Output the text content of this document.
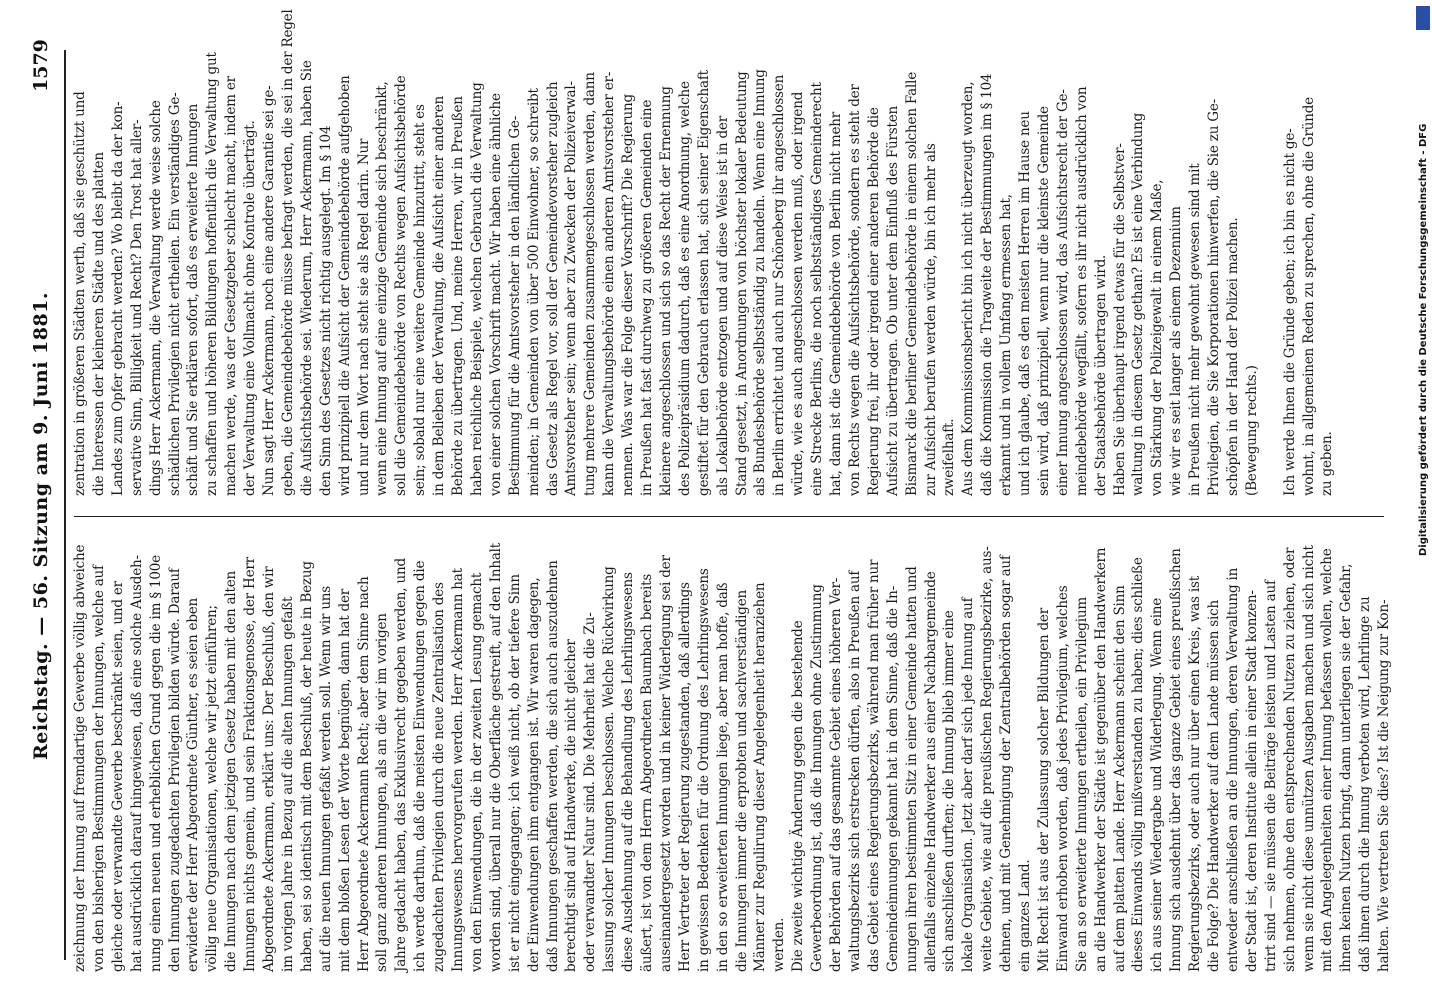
Reichstag. — 56. Sitzung am 9. Juni 1881.
1579
zeichnung der Innung auf fremdartige Gewerbe völlig abweiche von den bisherigen Bestimmungen der Innungen, welche auf gleiche oder verwandte Gewerbe beschränkt seien, und er hat ausdrücklich darauf hingewiesen, daß eine solche Ausdeh- nung einen neuen und erheblichen Grund gegen die im § 100e den Innungen zugedachten Privilegien bilden würde. Darauf erwiderte der Herr Abgeordnete Günther, es seien eben völlig neue Organisationen, welche wir jetzt einführen; die Innungen nach dem jetzigen Gesetz haben mit den alten Innungen nichts gemein, und sein Fraktionsgenosse, der Herr Abgeordnete Ackermann, erklärt uns: Der Beschluß, den wir im vorigen Jahre in Bezug auf die alten Innungen gefaßt haben, sei so identisch mit dem Beschluß, der heute in Bezug auf die neuen Innungen gefaßt werden soll. Wenn wir uns mit dem bloßen Lesen der Worte begnügen, dann hat der Herr Abgeordnete Ackermann Recht; aber dem Sinne nach soll ganz anderen Innungen, als an die wir im vorigen Jahre gedacht haben, das Exklusivrecht gegeben werden, und ich werde darthun, daß die meisten Einwendungen gegen die zugedachten Privilegien durch die neue Zentralisation des Innungswesens hervorgerufen werden. Herr Ackermann hat von den Einwendungen, die in der zweiten Lesung gemacht worden sind, überall nur die Oberfläche gestreift, auf den Inhalt ist er nicht eingegangen; ich weiß nicht, ob der tiefere Sinn der Einwendungen ihm entgangen ist. Wir waren dagegen, daß Innungen geschaffen werden, die sich auch auszudehnen berechtigt sind auf Handwerke, die nicht gleicher oder verwandter Natur sind. Die Mehrheit hat die Zu- lassung solcher Innungen beschlossen. Welche Rückwirkung diese Ausdehnung auf die Behandlung des Lehrlingswesens äußert, ist von dem Herrn Abgeordneten Baumbach bereits auseinandergesetzt worden und in keiner Widerlegung sei der Herr Vertreter der Regierung zugestanden, daß allerdings in gewissen Bedenken für die Ordnung des Lehrlingswesens in den so erweiterten Innungen liege, aber man hoffe, daß die Innungen immer die erprobten und sachverständigen Männer zur Regulirung dieser Angelegenheit heranziehen werden. Die zweite wichtige Änderung gegen die bestehende Gewerbeordnung ist, daß die Innungen ohne Zustimmung der Behörden auf das gesammte Gebiet eines höheren Ver- waltungsbezirks sich erstrecken dürfen, also in Preußen auf das Gebiet eines Regierungsbezirks, während man früher nur Gemeindeinnungen gekannt hat in dem Sinne, daß die In- nungen ihren bestimmten Sitz in einer Gemeinde hatten und allenfalls einzelne Handwerker aus einer Nachbargemeinde sich anschließen durften; die Innung blieb immer eine lokale Organisation. Jetzt aber darf sich jede Innung auf weite Gebiete, wie auf die preußischen Regierungsbezirke, aus- dehnen, und mit Genehmigung der Zentralbehörden sogar auf ein ganzes Land. Mit Recht ist aus der Zulassung solcher Bildungen der Einwand erhoben worden, daß jedes Privilegium, welches Sie an so erweiterte Innungen ertheilen, ein Privilegium an die Handwerker der Städte ist gegenüber den Handwerkern auf dem platten Lande. Herr Ackermann scheint den Sinn dieses Einwands völlig mißverstanden zu haben; dies schließe ich aus seiner Wiedergabe und Widerlegung. Wenn eine Innung sich ausdehnt über das ganze Gebiet eines preußischen Regierungsbezirks, oder auch nur über einen Kreis, was ist die Folge? Die Handwerker auf dem Lande müssen sich entweder anschließen an die Innungen, deren Verwaltung in der Stadt ist, deren Institute allein in einer Stadt konzen- trirt sind — sie müssen die Beiträge leisten und Lasten auf sich nehmen, ohne den entsprechenden Nutzen zu ziehen, oder wenn sie nicht diese unnützen Ausgaben machen und sich nicht mit den Angelegenheiten einer Innung befassen wollen, welche ihnen keinen Nutzen bringt, dann unterliegen sie der Gefahr, daß ihnen durch die Innung verboten wird, Lehrlinge zu halten. Wie vertreten Sie dies? Ist die Neigung zur Kon-
zentration in größeren Städten werth, daß sie geschützt und die Interessen der kleineren Städte und des platten Landes zum Opfer gebracht werden? Wo bleibt da der kon- servative Sinn, Billigkeit und Recht? Den Trost hat aller- dings Herr Ackermann, die Verwaltung werde weise solche schädlichen Privilegien nicht ertheilen. Ein verständiges Ge- schäft und Sie erklären sofort, daß es erweiterte Innungen zu schaffen und höheren Bildungen hoffentlich die Verwaltung gut machen werde, was der Gesetzgeber schlecht macht, indem er der Verwaltung eine Vollmacht ohne Kontrole überträgt. Nun sagt Herr Ackermann, noch eine andere Garantie sei ge- geben, die Gemeindebehörde müsse befragt werden, die sei in der Regel die Aufsichtsbehörde sei. Wiederum, Herr Ackermann, haben Sie den Sinn des Gesetzes nicht richtig ausgelegt. Im § 104 wird prinzipiell die Aufsicht der Gemeindebehörde aufgehoben und nur dem Wort nach steht sie als Regel darin. Nur wenn eine Innung auf eine einzige Gemeinde sich beschränkt, soll die Gemeindebehörde von Rechts wegen Aufsichtsbehörde sein; sobald nur eine weitere Gemeinde hinzutritt, steht es in dem Belieben der Verwaltung, die Aufsicht einer anderen Behörde zu übertragen. Und, meine Herren, wir in Preußen haben reichliche Beispiele, welchen Gebrauch die Verwaltung von einer solchen Vorschrift macht. Wir haben eine ähnliche Bestimmung für die Amtsvorsteher in den ländlichen Ge- meinden; in Gemeinden von über 500 Einwohner, so schreibt das Gesetz als Regel vor, soll der Gemeindevorsteher zugleich Amtsvorsteher sein; wenn aber zu Zwecken der Polizeiverwal- tung mehrere Gemeinden zusammengeschlossen werden, dann kann die Verwaltungsbehörde einen anderen Amtsvorsteher er- nennen. Was war die Folge dieser Vorschrift? Die Regierung in Preußen hat fast durchweg zu größeren Gemeinden eine kleinere angeschlossen und sich so das Recht der Ernennung des Polizeipräsidium dadurch, daß es eine Anordnung, welche gestiftet für den Gebrauch erlassen hat, sich seiner Eigenschaft als Lokalbehörde entzogen und auf diese Weise ist in der Stand gesetzt, in Anordnungen von höchster lokaler Bedeutung als Bundesbehörde selbstständig zu handeln. Wenn eine Innung in Berlin errichtet und auch nur Schöneberg ihr angeschlossen würde, wie es auch angeschlossen werden muß, oder irgend eine Strecke Berlins, die noch selbstständiges Gemeinderecht hat, dann ist die Gemeindebehörde von Berlin nicht mehr von Rechts wegen die Aufsichtsbehörde, sondern es steht der Regierung frei, ihr oder irgend einer anderen Behörde die Aufsicht zu übertragen. Ob unter dem Einfluß des Fürsten Bismarck die berliner Gemeindebehörde in einem solchen Falle zur Aufsicht berufen werden würde, bin ich mehr als zweifelhaft. Aus dem Kommissionsbericht bin ich nicht überzeugt worden, daß die Kommission die Tragweite der Bestimmungen im § 104 erkannt und in vollem Umfang ermessen hat, und ich glaube, daß es den meisten Herren im Hause neu sein wird, daß prinzipiell, wenn nur die kleinste Gemeinde einer Innung angeschlossen wird, das Aufsichtsrecht der Ge- meindebehörde wegfällt, sofern es ihr nicht ausdrücklich von der Staatsbehörde übertragen wird. Haben Sie überhaupt irgend etwas für die Selbstver- waltung in diesem Gesetz gethan? Es ist eine Verbindung von Stärkung der Polizeigewalt in einem Maße, wie wir es seit langer als einem Dezennium in Preußen nicht mehr gewohnt gewesen sind mit Privilegien, die Sie Korporationen hinwerfen, die Sie zu Ge- schöpfen in der Hand der Polizei machen. (Bewegung rechts.) Ich werde Ihnen die Gründe geben; ich bin es nicht ge- wohnt, in allgemeinen Reden zu sprechen, ohne die Gründe zu geben.	Digitalisierung gefördert durch die Deutsche Forschungsgemeinschaft - DFG
